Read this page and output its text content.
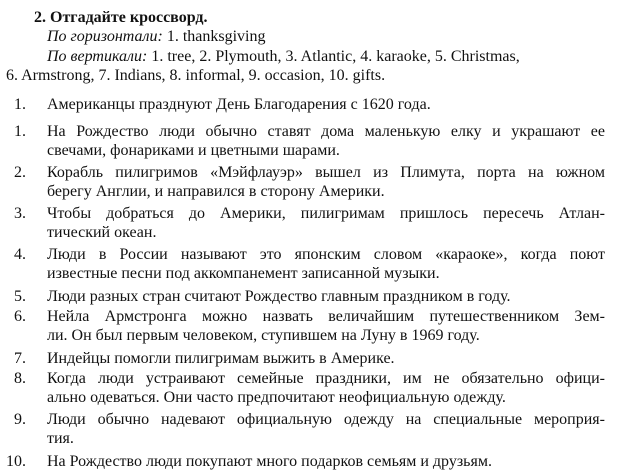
2. Отгадайте кроссворд.
По горизонтали: 1. thanksgiving
По вертикали: 1. tree, 2. Plymouth, 3. Atlantic, 4. karaoke, 5. Christmas,
6. Armstrong, 7. Indians, 8. informal, 9. occasion, 10. gifts.
1.	Американцы празднуют День Благодарения с 1620 года.
1.	На Рождество люди обычно ставят дома маленькую елку и украшают ее
свечами, фонариками и цветными шарами.
2.	Корабль пилигримов «Мэйфлауэр» вышел из Плимута, порта на южном
берегу Англии, и направился в сторону Америки.
3.	Чтобы добраться до Америки, пилигримам пришлось пересечь Атлан-
тический океан.
4.	Люди в России называют это японским словом «караоке», когда поют
известные песни под аккомпанемент записанной музыки.
5.	Люди разных стран считают Рождество главным праздником в году.
6.	Нейла Армстронга можно назвать величайшим путешественником Зем-
ли. Он был первым человеком, ступившем на Луну в 1969 году.
7.	Индейцы помогли пилигримам выжить в Америке.
8.	Когда люди устраивают семейные праздники, им не обязательно офици-
ально одеваться. Они часто предпочитают неофициальную одежду.
9.	Люди обычно надевают официальную одежду на специальные мероприя-
тия.
10.	На Рождество люди покупают много подарков семьям и друзьям.
